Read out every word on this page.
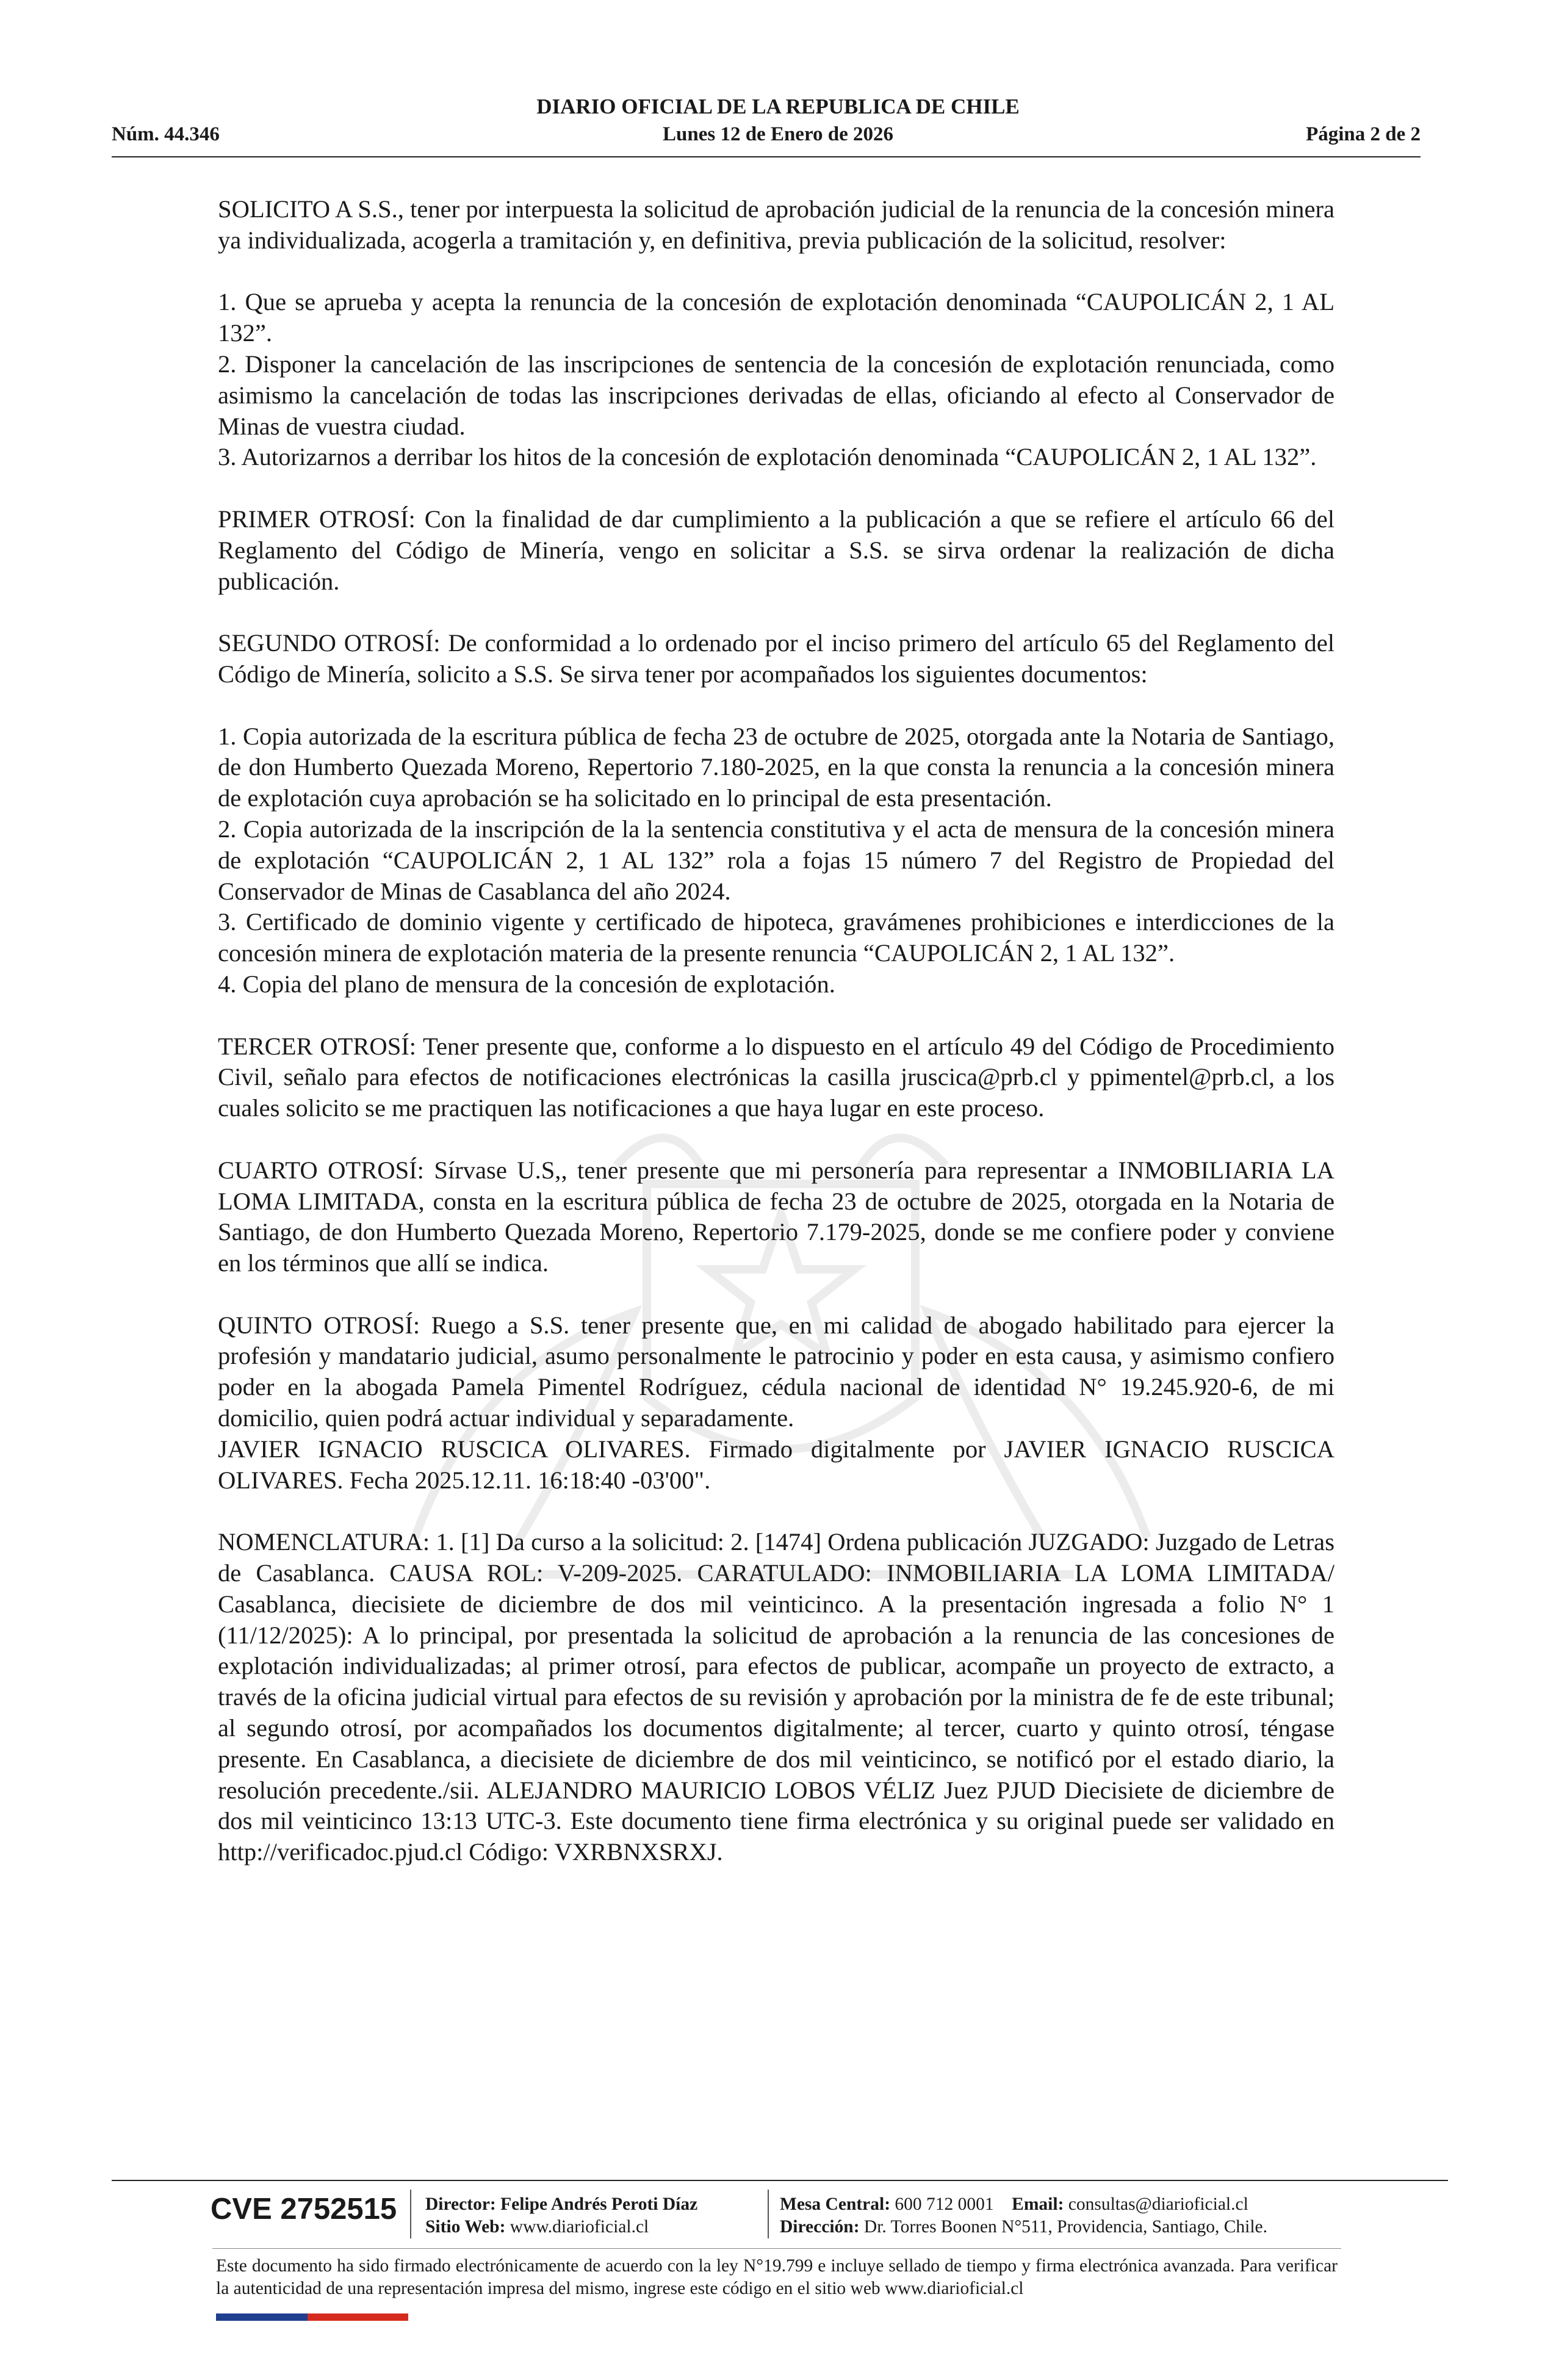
DIARIO OFICIAL DE LA REPUBLICA DE CHILE
Núm. 44.346	Lunes 12 de Enero de 2026	Página 2 de 2

SOLICITO A S.S., tener por interpuesta la solicitud de aprobación judicial de la renuncia de la concesión minera ya individualizada, acogerla a tramitación y, en definitiva, previa publicación de la solicitud, resolver:

1. Que se aprueba y acepta la renuncia de la concesión de explotación denominada “CAUPOLICÁN 2, 1 AL 132”.

2. Disponer la cancelación de las inscripciones de sentencia de la concesión de explotación renunciada, como asimismo la cancelación de todas las inscripciones derivadas de ellas, oficiando al efecto al Conservador de Minas de vuestra ciudad.

3. Autorizarnos a derribar los hitos de la concesión de explotación denominada “CAUPOLICÁN 2, 1 AL 132”.

PRIMER OTROSÍ: Con la finalidad de dar cumplimiento a la publicación a que se refiere el artículo 66 del Reglamento del Código de Minería, vengo en solicitar a S.S. se sirva ordenar la realización de dicha publicación.

SEGUNDO OTROSÍ: De conformidad a lo ordenado por el inciso primero del artículo 65 del Reglamento del Código de Minería, solicito a S.S. Se sirva tener por acompañados los siguientes documentos:

1. Copia autorizada de la escritura pública de fecha 23 de octubre de 2025, otorgada ante la Notaria de Santiago, de don Humberto Quezada Moreno, Repertorio 7.180-2025, en la que consta la renuncia a la concesión minera de explotación cuya aprobación se ha solicitado en lo principal de esta presentación.

2. Copia autorizada de la inscripción de la la sentencia constitutiva y el acta de mensura de la concesión minera de explotación “CAUPOLICÁN 2, 1 AL 132” rola a fojas 15 número 7 del Registro de Propiedad del Conservador de Minas de Casablanca del año 2024.

3. Certificado de dominio vigente y certificado de hipoteca, gravámenes prohibiciones e interdicciones de la concesión minera de explotación materia de la presente renuncia “CAUPOLICÁN 2, 1 AL 132”.

4. Copia del plano de mensura de la concesión de explotación.

TERCER OTROSÍ: Tener presente que, conforme a lo dispuesto en el artículo 49 del Código de Procedimiento Civil, señalo para efectos de notificaciones electrónicas la casilla jruscica@prb.cl y ppimentel@prb.cl, a los cuales solicito se me practiquen las notificaciones a que haya lugar en este proceso.

CUARTO OTROSÍ: Sírvase U.S,, tener presente que mi personería para representar a INMOBILIARIA LA LOMA LIMITADA, consta en la escritura pública de fecha 23 de octubre de 2025, otorgada en la Notaria de Santiago, de don Humberto Quezada Moreno, Repertorio 7.179-2025, donde se me confiere poder y conviene en los términos que allí se indica.

QUINTO OTROSÍ: Ruego a S.S. tener presente que, en mi calidad de abogado habilitado para ejercer la profesión y mandatario judicial, asumo personalmente le patrocinio y poder en esta causa, y asimismo confiero poder en la abogada Pamela Pimentel Rodríguez, cédula nacional de identidad N° 19.245.920-6, de mi domicilio, quien podrá actuar individual y separadamente.

JAVIER IGNACIO RUSCICA OLIVARES. Firmado digitalmente por JAVIER IGNACIO RUSCICA OLIVARES. Fecha 2025.12.11. 16:18:40 -03'00".

NOMENCLATURA: 1. [1] Da curso a la solicitud: 2. [1474] Ordena publicación JUZGADO: Juzgado de Letras de Casablanca. CAUSA ROL: V-209-2025. CARATULADO: INMOBILIARIA LA LOMA LIMITADA/ Casablanca, diecisiete de diciembre de dos mil veinticinco. A la presentación ingresada a folio N° 1 (11/12/2025): A lo principal, por presentada la solicitud de aprobación a la renuncia de las concesiones de explotación individualizadas; al primer otrosí, para efectos de publicar, acompañe un proyecto de extracto, a través de la oficina judicial virtual para efectos de su revisión y aprobación por la ministra de fe de este tribunal; al segundo otrosí, por acompañados los documentos digitalmente; al tercer, cuarto y quinto otrosí, téngase presente. En Casablanca, a diecisiete de diciembre de dos mil veinticinco, se notificó por el estado diario, la resolución precedente./sii. ALEJANDRO MAURICIO LOBOS VÉLIZ Juez PJUD Diecisiete de diciembre de dos mil veinticinco 13:13 UTC-3. Este documento tiene firma electrónica y su original puede ser validado en http://verificadoc.pjud.cl Código: VXRBNXSRXJ.

CVE 2752515 Director: Felipe Andrés Peroti Díaz
Sitio Web: www.diarioficial.cl
Mesa Central: 600 712 0001 Email: consultas@diarioficial.cl
Dirección: Dr. Torres Boonen N°511, Providencia, Santiago, Chile.
Este documento ha sido firmado electrónicamente de acuerdo con la ley N°19.799 e incluye sellado de tiempo y firma electrónica avanzada. Para verificar la autenticidad de una representación impresa del mismo, ingrese este código en el sitio web www.diarioficial.cl
